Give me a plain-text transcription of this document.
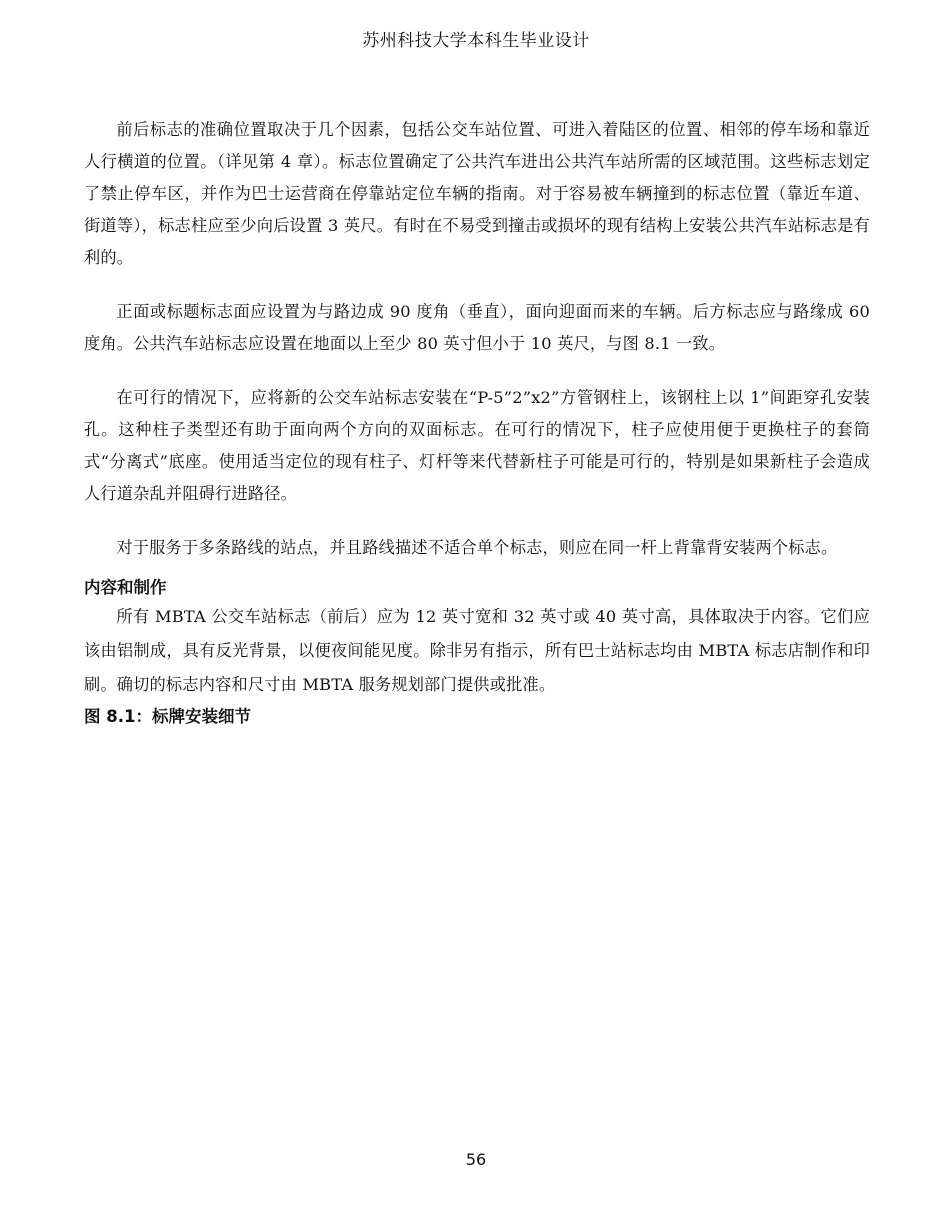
苏州科技大学本科生毕业设计

前后标志的准确位置取决于几个因素，包括公交车站位置、可进入着陆区的位置、相邻的停车场和靠近人行横道的位置。（详见第 4 章）。标志位置确定了公共汽车进出公共汽车站所需的区域范围。这些标志划定了禁止停车区，并作为巴士运营商在停靠站定位车辆的指南。对于容易被车辆撞到的标志位置（靠近车道、街道等），标志柱应至少向后设置 3 英尺。有时在不易受到撞击或损坏的现有结构上安装公共汽车站标志是有利的。

正面或标题标志面应设置为与路边成 90 度角（垂直），面向迎面而来的车辆。后方标志应与路缘成 60 度角。公共汽车站标志应设置在地面以上至少 80 英寸但小于 10 英尺，与图 8.1 一致。

在可行的情况下，应将新的公交车站标志安装在“P-5”2”x2”方管钢柱上，该钢柱上以 1”间距穿孔安装孔。这种柱子类型还有助于面向两个方向的双面标志。在可行的情况下，柱子应使用便于更换柱子的套筒式“分离式”底座。使用适当定位的现有柱子、灯杆等来代替新柱子可能是可行的，特别是如果新柱子会造成人行道杂乱并阻碍行进路径。

对于服务于多条路线的站点，并且路线描述不适合单个标志，则应在同一杆上背靠背安装两个标志。

内容和制作

所有 MBTA 公交车站标志（前后）应为 12 英寸宽和 32 英寸或 40 英寸高，具体取决于内容。它们应该由铝制成，具有反光背景，以便夜间能见度。除非另有指示，所有巴士站标志均由 MBTA 标志店制作和印刷。确切的标志内容和尺寸由 MBTA 服务规划部门提供或批准。

图 8.1：标牌安装细节

56
